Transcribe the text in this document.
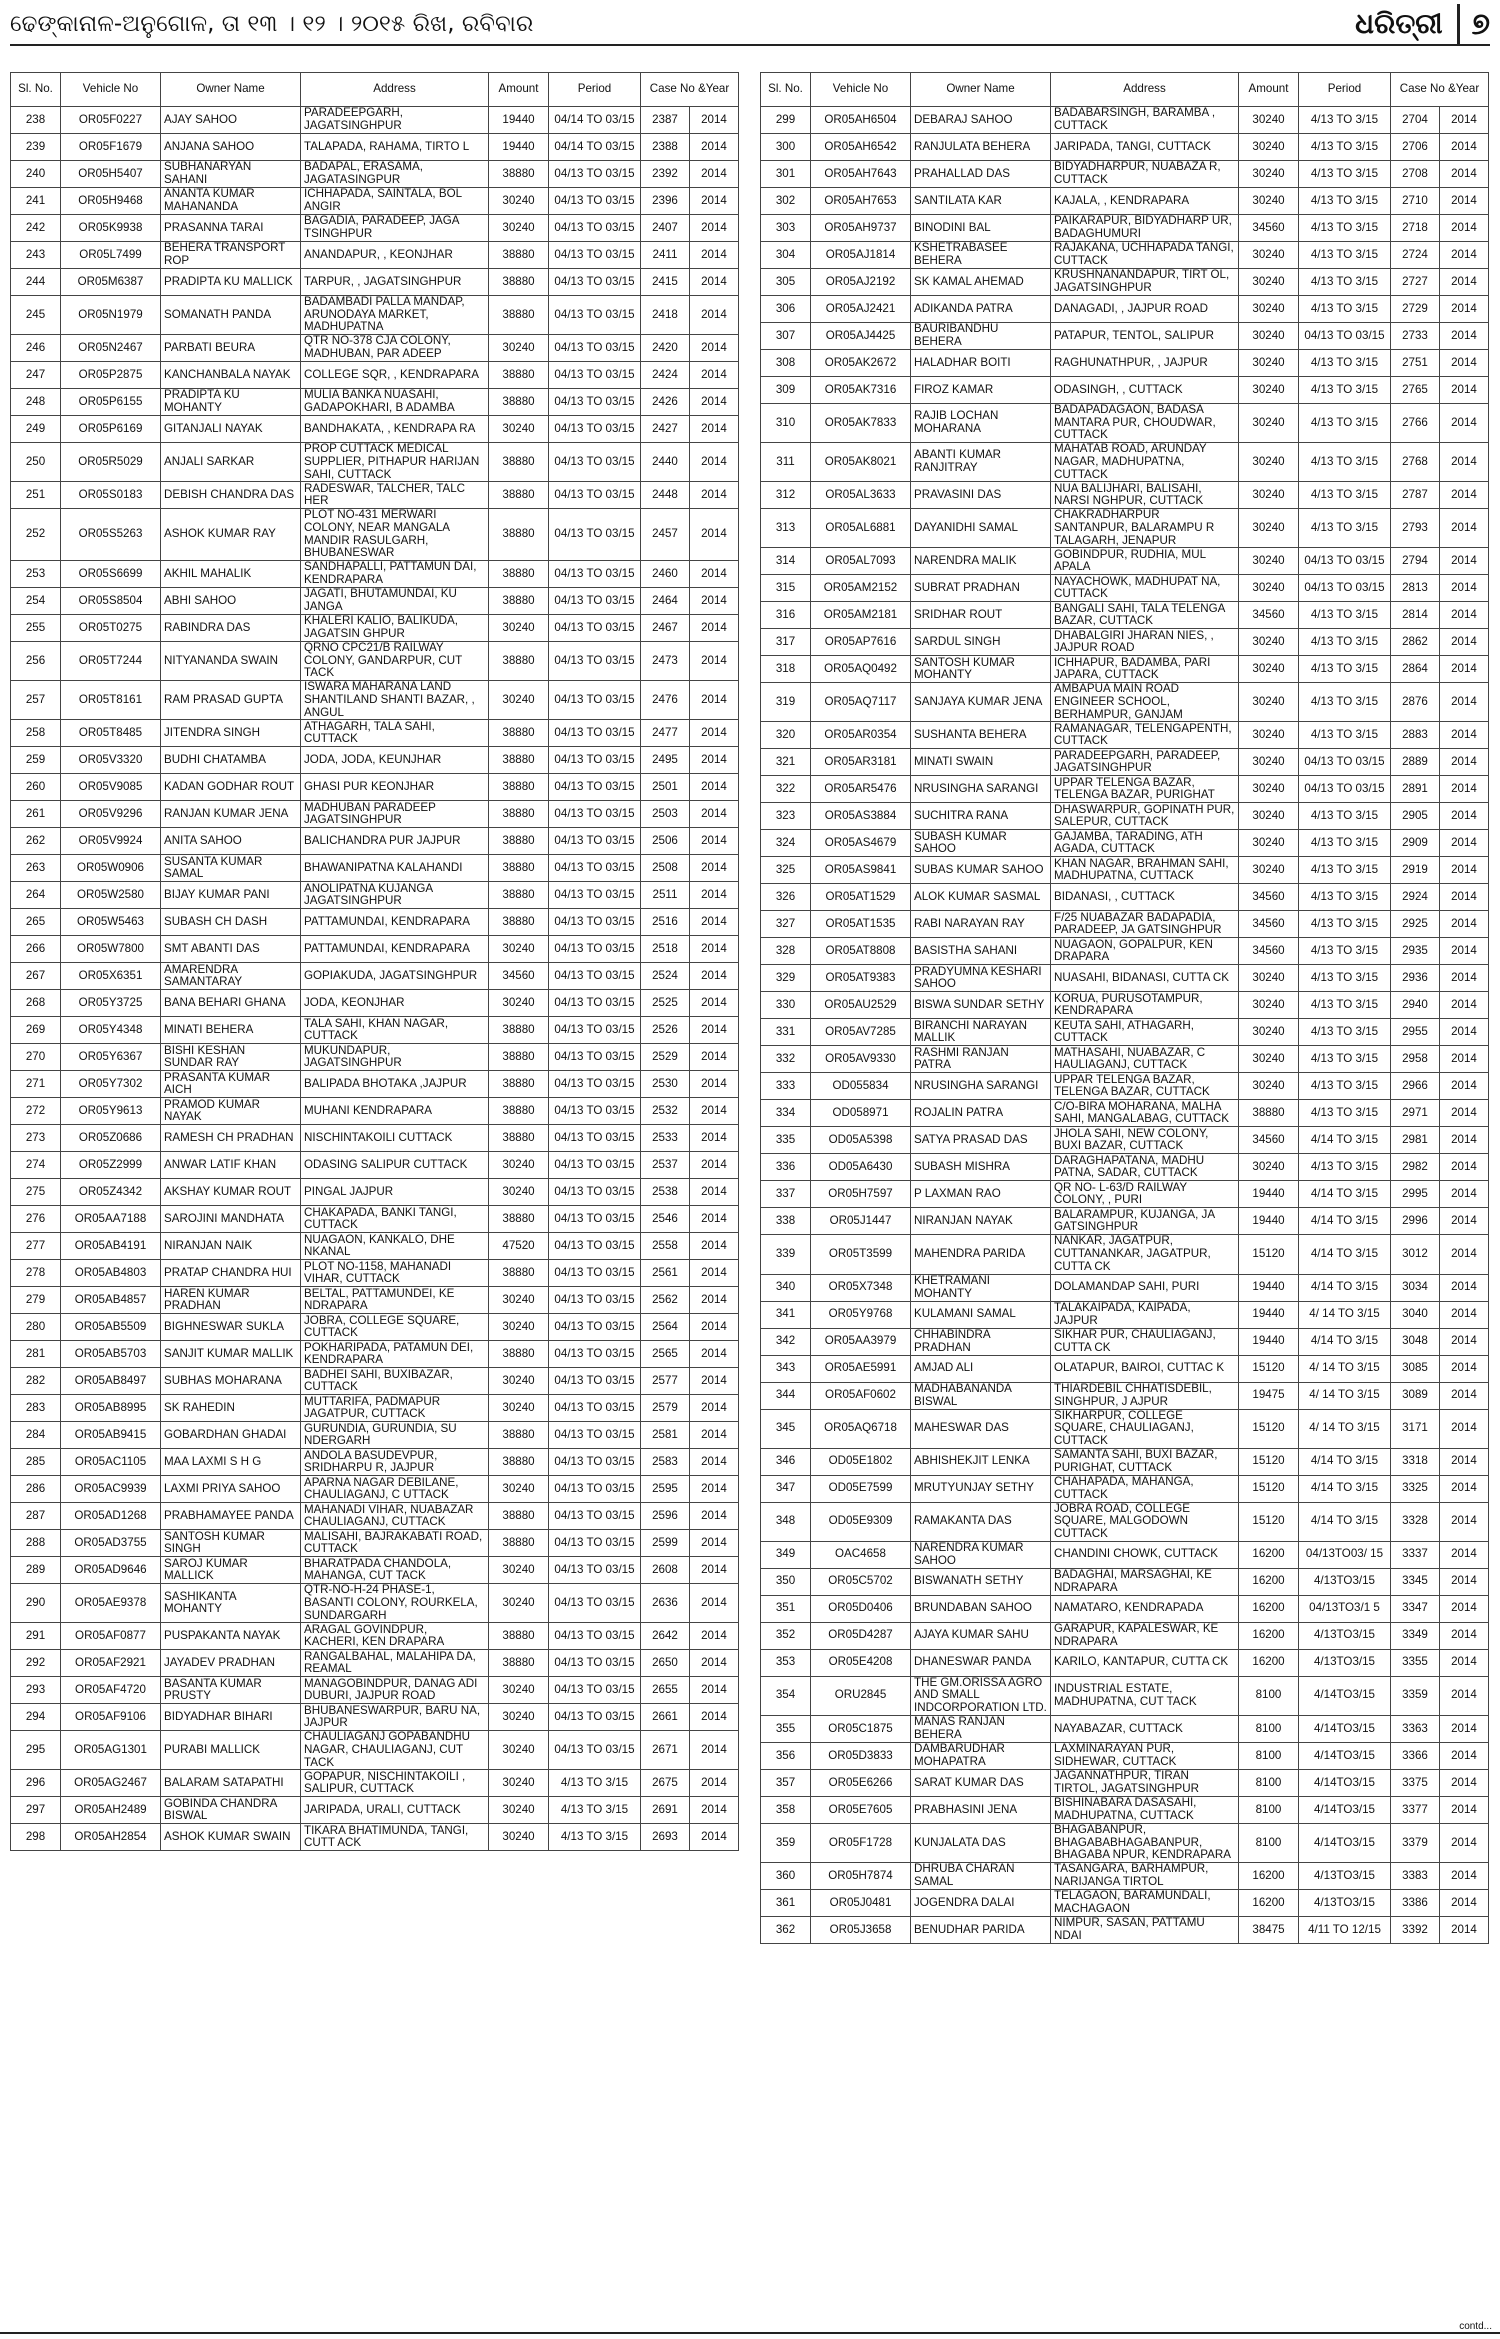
ଢେଙ୍କାନାଳ-ଅନୁଗୋଳ, ତା ୧୩ । ୧୨ । ୨୦୧୫ ରିଖ, ରବିବାର	ଧରିତ୍ରୀ ୭
Sl. No.	Vehicle No	Owner Name	Address	Amount	Period	Case No &Year	
238	OR05F0227	AJAY SAHOO	PARADEEPGARH, JAGATSINGHPUR	19440	04/14 TO 03/15	2387	2014
239	OR05F1679	ANJANA SAHOO	TALAPADA, RAHAMA, TIRTO L	19440	04/14 TO 03/15	2388	2014
240	OR05H5407	SUBHANARYAN SAHANI	BADAPAL, ERASAMA, JAGATASINGPUR	38880	04/13 TO 03/15	2392	2014
241	OR05H9468	ANANTA KUMAR MAHANANDA	ICHHAPADA, SAINTALA, BOL ANGIR	30240	04/13 TO 03/15	2396	2014
242	OR05K9938	PRASANNA TARAI	BAGADIA, PARADEEP, JAGA TSINGHPUR	30240	04/13 TO 03/15	2407	2014
243	OR05L7499	BEHERA TRANSPORT ROP	ANANDAPUR, , KEONJHAR	38880	04/13 TO 03/15	2411	2014
244	OR05M6387	PRADIPTA KU MALLICK	TARPUR, , JAGATSINGHPUR	38880	04/13 TO 03/15	2415	2014
245	OR05N1979	SOMANATH PANDA	BADAMBADI PALLA MANDAP, ARUNODAYA MARKET, MADHUPATNA	38880	04/13 TO 03/15	2418	2014
246	OR05N2467	PARBATI BEURA	QTR NO-378 CJA COLONY, MADHUBAN, PAR ADEEP	30240	04/13 TO 03/15	2420	2014
247	OR05P2875	KANCHANBALA NAYAK	COLLEGE SQR, , KENDRAPARA	38880	04/13 TO 03/15	2424	2014
248	OR05P6155	PRADIPTA KU MOHANTY	MULIA BANKA NUASAHI, GADAPOKHARI, B ADAMBA	38880	04/13 TO 03/15	2426	2014
249	OR05P6169	GITANJALI NAYAK	BANDHAKATA, , KENDRAPA RA	30240	04/13 TO 03/15	2427	2014
250	OR05R5029	ANJALI SARKAR	PROP CUTTACK MEDICAL SUPPLIER, PITHAPUR HARIJAN SAHI, CUTTACK	38880	04/13 TO 03/15	2440	2014
251	OR05S0183	DEBISH CHANDRA DAS	RADESWAR, TALCHER, TALC HER	38880	04/13 TO 03/15	2448	2014
252	OR05S5263	ASHOK KUMAR RAY	PLOT NO-431 MERWARI COLONY, NEAR MANGALA MANDIR RASULGARH, BHUBANESWAR	38880	04/13 TO 03/15	2457	2014
253	OR05S6699	AKHIL MAHALIK	SANDHAPALLI, PATTAMUN DAI, KENDRAPARA	38880	04/13 TO 03/15	2460	2014
254	OR05S8504	ABHI SAHOO	JAGATI, BHUTAMUNDAI, KU JANGA	38880	04/13 TO 03/15	2464	2014
255	OR05T0275	RABINDRA DAS	KHALERI KALIO, BALIKUDA, JAGATSIN GHPUR	30240	04/13 TO 03/15	2467	2014
256	OR05T7244	NITYANANDA SWAIN	QRNO CPC21/B RAILWAY COLONY, GANDARPUR, CUT TACK	38880	04/13 TO 03/15	2473	2014
257	OR05T8161	RAM PRASAD GUPTA	ISWARA MAHARANA LAND SHANTILAND SHANTI BAZAR, , ANGUL	30240	04/13 TO 03/15	2476	2014
258	OR05T8485	JITENDRA SINGH	ATHAGARH, TALA SAHI, CUTTACK	38880	04/13 TO 03/15	2477	2014
259	OR05V3320	BUDHI CHATAMBA	JODA, JODA, KEUNJHAR	38880	04/13 TO 03/15	2495	2014
260	OR05V9085	KADAN GODHAR ROUT	GHASI PUR KEONJHAR	38880	04/13 TO 03/15	2501	2014
261	OR05V9296	RANJAN KUMAR JENA	MADHUBAN PARADEEP JAGATSINGHPUR	38880	04/13 TO 03/15	2503	2014
262	OR05V9924	ANITA SAHOO	BALICHANDRA PUR JAJPUR	38880	04/13 TO 03/15	2506	2014
263	OR05W0906	SUSANTA KUMAR SAMAL	BHAWANIPATNA KALAHANDI	38880	04/13 TO 03/15	2508	2014
264	OR05W2580	BIJAY KUMAR PANI	ANOLIPATNA KUJANGA JAGATSINGHPUR	38880	04/13 TO 03/15	2511	2014
265	OR05W5463	SUBASH CH DASH	PATTAMUNDAI, KENDRAPARA	38880	04/13 TO 03/15	2516	2014
266	OR05W7800	SMT ABANTI DAS	PATTAMUNDAI, KENDRAPARA	30240	04/13 TO 03/15	2518	2014
267	OR05X6351	AMARENDRA SAMANTARAY	GOPIAKUDA, JAGATSINGHPUR	34560	04/13 TO 03/15	2524	2014
268	OR05Y3725	BANA BEHARI GHANA	JODA, KEONJHAR	30240	04/13 TO 03/15	2525	2014
269	OR05Y4348	MINATI BEHERA	TALA SAHI, KHAN NAGAR, CUTTACK	38880	04/13 TO 03/15	2526	2014
270	OR05Y6367	BISHI KESHAN SUNDAR RAY	MUKUNDAPUR, JAGATSINGHPUR	38880	04/13 TO 03/15	2529	2014
271	OR05Y7302	PRASANTA KUMAR AICH	BALIPADA BHOTAKA ,JAJPUR	38880	04/13 TO 03/15	2530	2014
272	OR05Y9613	PRAMOD KUMAR NAYAK	MUHANI KENDRAPARA	38880	04/13 TO 03/15	2532	2014
273	OR05Z0686	RAMESH CH PRADHAN	NISCHINTAKOILI CUTTACK	38880	04/13 TO 03/15	2533	2014
274	OR05Z2999	ANWAR LATIF KHAN	ODASING SALIPUR CUTTACK	30240	04/13 TO 03/15	2537	2014
275	OR05Z4342	AKSHAY KUMAR ROUT	PINGAL JAJPUR	30240	04/13 TO 03/15	2538	2014
276	OR05AA7188	SAROJINI MANDHATA	CHAKAPADA, BANKI TANGI, CUTTACK	38880	04/13 TO 03/15	2546	2014
277	OR05AB4191	NIRANJAN NAIK	NUAGAON, KANKALO, DHE NKANAL	47520	04/13 TO 03/15	2558	2014
278	OR05AB4803	PRATAP CHANDRA HUI	PLOT NO-1158, MAHANADI VIHAR, CUTTACK	38880	04/13 TO 03/15	2561	2014
279	OR05AB4857	HAREN KUMAR PRADHAN	BELTAL, PATTAMUNDEI, KE NDRAPARA	30240	04/13 TO 03/15	2562	2014
280	OR05AB5509	BIGHNESWAR SUKLA	JOBRA, COLLEGE SQUARE, CUTTACK	30240	04/13 TO 03/15	2564	2014
281	OR05AB5703	SANJIT KUMAR MALLIK	POKHARIPADA, PATAMUN DEI, KENDRAPARA	38880	04/13 TO 03/15	2565	2014
282	OR05AB8497	SUBHAS MOHARANA	BADHEI SAHI, BUXIBAZAR, CUTTACK	30240	04/13 TO 03/15	2577	2014
283	OR05AB8995	SK RAHEDIN	MUTTARIFA, PADMAPUR JAGATPUR, CUTTACK	30240	04/13 TO 03/15	2579	2014
284	OR05AB9415	GOBARDHAN GHADAI	GURUNDIA, GURUNDIA, SU NDERGARH	38880	04/13 TO 03/15	2581	2014
285	OR05AC1105	MAA LAXMI S H G	ANDOLA BASUDEVPUR, SRIDHARPU R, JAJPUR	38880	04/13 TO 03/15	2583	2014
286	OR05AC9939	LAXMI PRIYA SAHOO	APARNA NAGAR DEBILANE, CHAULIAGANJ, C UTTACK	30240	04/13 TO 03/15	2595	2014
287	OR05AD1268	PRABHAMAYEE PANDA	MAHANADI VIHAR, NUABAZAR CHAULIAGANJ, CUTTACK	38880	04/13 TO 03/15	2596	2014
288	OR05AD3755	SANTOSH KUMAR SINGH	MALISAHI, BAJRAKABATI ROAD, CUTTACK	38880	04/13 TO 03/15	2599	2014
289	OR05AD9646	SAROJ KUMAR MALLICK	BHARATPADA CHANDOLA, MAHANGA, CUT TACK	30240	04/13 TO 03/15	2608	2014
290	OR05AE9378	SASHIKANTA MOHANTY	QTR-NO-H-24 PHASE-1, BASANTI COLONY, ROURKELA, SUNDARGARH	30240	04/13 TO 03/15	2636	2014
291	OR05AF0877	PUSPAKANTA NAYAK	ARAGAL GOVINDPUR, KACHERI, KEN DRAPARA	38880	04/13 TO 03/15	2642	2014
292	OR05AF2921	JAYADEV PRADHAN	RANGALBAHAL, MALAHIPA DA, REAMAL	38880	04/13 TO 03/15	2650	2014
293	OR05AF4720	BASANTA KUMAR PRUSTY	MANAGOBINDPUR, DANAG ADI DUBURI, JAJPUR ROAD	30240	04/13 TO 03/15	2655	2014
294	OR05AF9106	BIDYADHAR BIHARI	BHUBANESWARPUR, BARU NA, JAJPUR	30240	04/13 TO 03/15	2661	2014
295	OR05AG1301	PURABI MALLICK	CHAULIAGANJ GOPABANDHU NAGAR, CHAULIAGANJ, CUT TACK	30240	04/13 TO 03/15	2671	2014
296	OR05AG2467	BALARAM SATAPATHI	GOPAPUR, NISCHINTAKOILI , SALIPUR, CUTTACK	30240	4/13 TO 3/15	2675	2014
297	OR05AH2489	GOBINDA CHANDRA BISWAL	JARIPADA, URALI, CUTTACK	30240	4/13 TO 3/15	2691	2014
298	OR05AH2854	ASHOK KUMAR SWAIN	TIKARA BHATIMUNDA, TANGI, CUTT ACK	30240	4/13 TO 3/15	2693	2014
Sl. No.	Vehicle No	Owner Name	Address	Amount	Period	Case No &Year	
299	OR05AH6504	DEBARAJ SAHOO	BADABARSINGH, BARAMBA , CUTTACK	30240	4/13 TO 3/15	2704	2014
300	OR05AH6542	RANJULATA BEHERA	JARIPADA, TANGI, CUTTACK	30240	4/13 TO 3/15	2706	2014
301	OR05AH7643	PRAHALLAD DAS	BIDYADHARPUR, NUABAZA R, CUTTACK	30240	4/13 TO 3/15	2708	2014
302	OR05AH7653	SANTILATA KAR	KAJALA, , KENDRAPARA	30240	4/13 TO 3/15	2710	2014
303	OR05AH9737	BINODINI BAL	PAIKARAPUR, BIDYADHARP UR, BADAGHUMURI	34560	4/13 TO 3/15	2718	2014
304	OR05AJ1814	KSHETRABASEE BEHERA	RAJAKANA, UCHHAPADA TANGI, CUTTACK	30240	4/13 TO 3/15	2724	2014
305	OR05AJ2192	SK KAMAL AHEMAD	KRUSHNANANDAPUR, TIRT OL, JAGATSINGHPUR	30240	4/13 TO 3/15	2727	2014
306	OR05AJ2421	ADIKANDA PATRA	DANAGADI, , JAJPUR ROAD	30240	4/13 TO 3/15	2729	2014
307	OR05AJ4425	BAURIBANDHU BEHERA	PATAPUR, TENTOL, SALIPUR	30240	04/13 TO 03/15	2733	2014
308	OR05AK2672	HALADHAR BOITI	RAGHUNATHPUR, , JAJPUR	30240	4/13 TO 3/15	2751	2014
309	OR05AK7316	FIROZ KAMAR	ODASINGH, , CUTTACK	30240	4/13 TO 3/15	2765	2014
310	OR05AK7833	RAJIB LOCHAN MOHARANA	BADAPADAGAON, BADASA MANTARA PUR, CHOUDWAR, CUTTACK	30240	4/13 TO 3/15	2766	2014
311	OR05AK8021	ABANTI KUMAR RANJITRAY	MAHATAB ROAD, ARUNDAY NAGAR, MADHUPATNA, CUTTACK	30240	4/13 TO 3/15	2768	2014
312	OR05AL3633	PRAVASINI DAS	NUA BALIJHARI, BALISAHI, NARSI NGHPUR, CUTTACK	30240	4/13 TO 3/15	2787	2014
313	OR05AL6881	DAYANIDHI SAMAL	CHAKRADHARPUR SANTANPUR, BALARAMPU R TALAGARH, JENAPUR	30240	4/13 TO 3/15	2793	2014
314	OR05AL7093	NARENDRA MALIK	GOBINDPUR, RUDHIA, MUL APALA	30240	04/13 TO 03/15	2794	2014
315	OR05AM2152	SUBRAT PRADHAN	NAYACHOWK, MADHUPAT NA, CUTTACK	30240	04/13 TO 03/15	2813	2014
316	OR05AM2181	SRIDHAR ROUT	BANGALI SAHI, TALA TELENGA BAZAR, CUTTACK	34560	4/13 TO 3/15	2814	2014
317	OR05AP7616	SARDUL SINGH	DHABALGIRI JHARAN NIES, , JAJPUR ROAD	30240	4/13 TO 3/15	2862	2014
318	OR05AQ0492	SANTOSH KUMAR MOHANTY	ICHHAPUR, BADAMBA, PARI JAPARA, CUTTACK	30240	4/13 TO 3/15	2864	2014
319	OR05AQ7117	SANJAYA KUMAR JENA	AMBAPUA MAIN ROAD ENGINEER SCHOOL, BERHAMPUR, GANJAM	30240	4/13 TO 3/15	2876	2014
320	OR05AR0354	SUSHANTA BEHERA	RAMANAGAR, TELENGAPENTH, CUTTACK	30240	4/13 TO 3/15	2883	2014
321	OR05AR3181	MINATI SWAIN	PARADEEPGARH, PARADEEP, JAGATSINGHPUR	30240	04/13 TO 03/15	2889	2014
322	OR05AR5476	NRUSINGHA SARANGI	UPPAR TELENGA BAZAR, TELENGA BAZAR, PURIGHAT	30240	04/13 TO 03/15	2891	2014
323	OR05AS3884	SUCHITRA RANA	DHASWARPUR, GOPINATH PUR, SALEPUR, CUTTACK	30240	4/13 TO 3/15	2905	2014
324	OR05AS4679	SUBASH KUMAR SAHOO	GAJAMBA, TARADING, ATH AGADA, CUTTACK	30240	4/13 TO 3/15	2909	2014
325	OR05AS9841	SUBAS KUMAR SAHOO	KHAN NAGAR, BRAHMAN SAHI, MADHUPATNA, CUTTACK	30240	4/13 TO 3/15	2919	2014
326	OR05AT1529	ALOK KUMAR SASMAL	BIDANASI, , CUTTACK	34560	4/13 TO 3/15	2924	2014
327	OR05AT1535	RABI NARAYAN RAY	F/25 NUABAZAR BADAPADIA, PARADEEP, JA GATSINGHPUR	34560	4/13 TO 3/15	2925	2014
328	OR05AT8808	BASISTHA SAHANI	NUAGAON, GOPALPUR, KEN DRAPARA	34560	4/13 TO 3/15	2935	2014
329	OR05AT9383	PRADYUMNA KESHARI SAHOO	NUASAHI, BIDANASI, CUTTA CK	30240	4/13 TO 3/15	2936	2014
330	OR05AU2529	BISWA SUNDAR SETHY	KORUA, PURUSOTAMPUR, KENDRAPARA	30240	4/13 TO 3/15	2940	2014
331	OR05AV7285	BIRANCHI NARAYAN MALLIK	KEUTA SAHI, ATHAGARH, CUTTACK	30240	4/13 TO 3/15	2955	2014
332	OR05AV9330	RASHMI RANJAN PATRA	MATHASAHI, NUABAZAR, C HAULIAGANJ, CUTTACK	30240	4/13 TO 3/15	2958	2014
333	OD055834	NRUSINGHA SARANGI	UPPAR TELENGA BAZAR, TELENGA BAZAR, CUTTACK	30240	4/13 TO 3/15	2966	2014
334	OD058971	ROJALIN PATRA	C/O-BIRA MOHARANA, MALHA SAHI, MANGALABAG, CUTTACK	38880	4/13 TO 3/15	2971	2014
335	OD05A5398	SATYA PRASAD DAS	JHOLA SAHI, NEW COLONY, BUXI BAZAR, CUTTACK	34560	4/14 TO 3/15	2981	2014
336	OD05A6430	SUBASH MISHRA	DARAGHAPATANA, MADHU PATNA, SADAR, CUTTACK	30240	4/13 TO 3/15	2982	2014
337	OR05H7597	P LAXMAN RAO	QR NO- L-63/D RAILWAY COLONY, , PURI	19440	4/14 TO 3/15	2995	2014
338	OR05J1447	NIRANJAN NAYAK	BALARAMPUR, KUJANGA, JA GATSINGHPUR	19440	4/14 TO 3/15	2996	2014
339	OR05T3599	MAHENDRA PARIDA	NANKAR, JAGATPUR, CUTTANANKAR, JAGATPUR, CUTTA CK	15120	4/14 TO 3/15	3012	2014
340	OR05X7348	KHETRAMANI MOHANTY	DOLAMANDAP SAHI, PURI	19440	4/14 TO 3/15	3034	2014
341	OR05Y9768	KULAMANI SAMAL	TALAKAIPADA, KAIPADA, JAJPUR	19440	4/ 14 TO 3/15	3040	2014
342	OR05AA3979	CHHABINDRA PRADHAN	SIKHAR PUR, CHAULIAGANJ, CUTTA CK	19440	4/14 TO 3/15	3048	2014
343	OR05AE5991	AMJAD ALI	OLATAPUR, BAIROI, CUTTAC K	15120	4/ 14 TO 3/15	3085	2014
344	OR05AF0602	MADHABANANDA BISWAL	THIARDEBIL CHHATISDEBIL, SINGHPUR, J AJPUR	19475	4/ 14 TO 3/15	3089	2014
345	OR05AQ6718	MAHESWAR DAS	SIKHARPUR, COLLEGE SQUARE, CHAULIAGANJ, CUTTACK	15120	4/ 14 TO 3/15	3171	2014
346	OD05E1802	ABHISHEKJIT LENKA	SAMANTA SAHI, BUXI BAZAR, PURIGHAT, CUTTACK	15120	4/14 TO 3/15	3318	2014
347	OD05E7599	MRUTYUNJAY SETHY	CHAHAPADA, MAHANGA, CUTTACK	15120	4/14 TO 3/15	3325	2014
348	OD05E9309	RAMAKANTA DAS	JOBRA ROAD, COLLEGE SQUARE, MALGODOWN CUTTACK	15120	4/14 TO 3/15	3328	2014
349	OAC4658	NARENDRA KUMAR SAHOO	CHANDINI CHOWK, CUTTACK	16200	04/13TO03/ 15	3337	2014
350	OR05C5702	BISWANATH SETHY	BADAGHAI, MARSAGHAI, KE NDRAPARA	16200	4/13TO3/15	3345	2014
351	OR05D0406	BRUNDABAN SAHOO	NAMATARO, KENDRAPADA	16200	04/13TO3/1 5	3347	2014
352	OR05D4287	AJAYA KUMAR SAHU	GARAPUR, KAPALESWAR, KE NDRAPARA	16200	4/13TO3/15	3349	2014
353	OR05E4208	DHANESWAR PANDA	KARILO, KANTAPUR, CUTTA CK	16200	4/13TO3/15	3355	2014
354	ORU2845	THE GM.ORISSA AGRO AND SMALL INDCORPORATION LTD.	INDUSTRIAL ESTATE, MADHUPATNA, CUT TACK	8100	4/14TO3/15	3359	2014
355	OR05C1875	MANAS RANJAN BEHERA	NAYABAZAR, CUTTACK	8100	4/14TO3/15	3363	2014
356	OR05D3833	DAMBARUDHAR MOHAPATRA	LAXMINARAYAN PUR, SIDHEWAR, CUTTACK	8100	4/14TO3/15	3366	2014
357	OR05E6266	SARAT KUMAR DAS	JAGANNATHPUR, TIRAN TIRTOL, JAGATSINGHPUR	8100	4/14TO3/15	3375	2014
358	OR05E7605	PRABHASINI JENA	BISHINABARA DASASAHI, MADHUPATNA, CUTTACK	8100	4/14TO3/15	3377	2014
359	OR05F1728	KUNJALATA DAS	BHAGABANPUR, BHAGABABHAGABANPUR, BHAGABA NPUR, KENDRAPARA	8100	4/14TO3/15	3379	2014
360	OR05H7874	DHRUBA CHARAN SAMAL	TASANGARA, BARHAMPUR, NARIJANGA TIRTOL	16200	4/13TO3/15	3383	2014
361	OR05J0481	JOGENDRA DALAI	TELAGAON, BARAMUNDALI, MACHAGAON	16200	4/13TO3/15	3386	2014
362	OR05J3658	BENUDHAR PARIDA	NIMPUR, SASAN, PATTAMU NDAI	38475	4/11 TO 12/15	3392	2014
contd...
